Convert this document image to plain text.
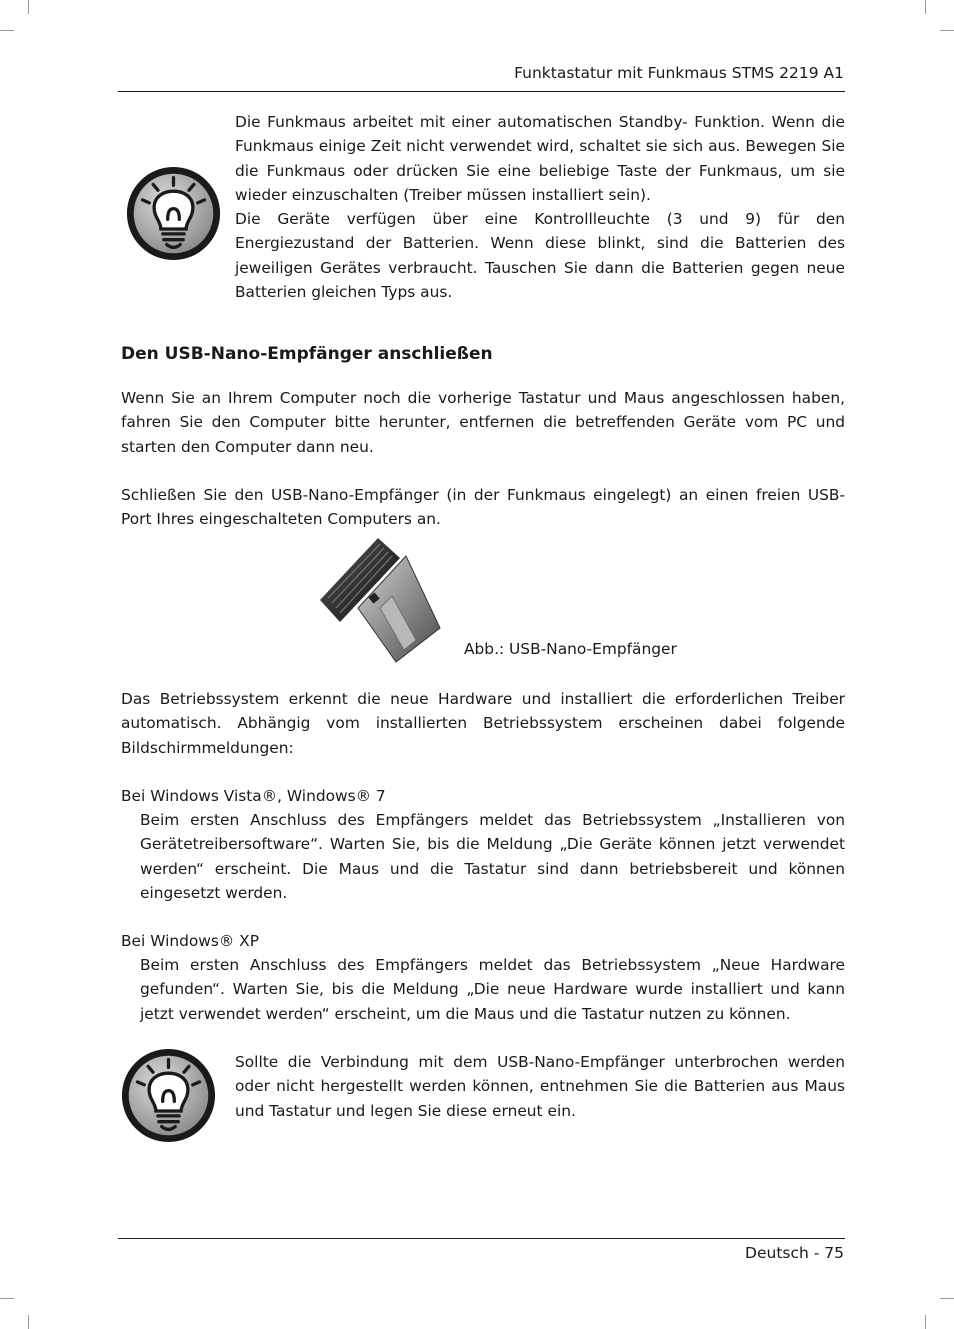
Funktastatur mit Funkmaus STMS 2219 A1
Die Funkmaus arbeitet mit einer automatischen Standby- Funktion. Wenn die Funkmaus einige Zeit nicht verwendet wird, schaltet sie sich aus. Bewegen Sie die Funkmaus oder drücken Sie eine beliebige Taste der Funkmaus, um sie wieder einzuschalten (Treiber müssen installiert sein).
Die Geräte verfügen über eine Kontrollleuchte (3 und 9) für den Energiezustand der Batterien. Wenn diese blinkt, sind die Batterien des jeweiligen Gerätes verbraucht. Tauschen Sie dann die Batterien gegen neue Batterien gleichen Typs aus.
Den USB-Nano-Empfänger anschließen
Wenn Sie an Ihrem Computer noch die vorherige Tastatur und Maus angeschlossen haben, fahren Sie den Computer bitte herunter, entfernen die betreffenden Geräte vom PC und starten den Computer dann neu.
Schließen Sie den USB-Nano-Empfänger (in der Funkmaus eingelegt) an einen freien USB-Port Ihres eingeschalteten Computers an.
Abb.: USB-Nano-Empfänger
Das Betriebssystem erkennt die neue Hardware und installiert die erforderlichen Treiber automatisch. Abhängig vom installierten Betriebssystem erscheinen dabei folgende Bildschirmmeldungen:
Bei Windows Vista®, Windows® 7
Beim ersten Anschluss des Empfängers meldet das Betriebssystem „Installieren von Gerätetreibersoftware“. Warten Sie, bis die Meldung „Die Geräte können jetzt verwendet werden“ erscheint. Die Maus und die Tastatur sind dann betriebsbereit und können eingesetzt werden.
Bei Windows® XP
Beim ersten Anschluss des Empfängers meldet das Betriebssystem „Neue Hardware gefunden“. Warten Sie, bis die Meldung „Die neue Hardware wurde installiert und kann jetzt verwendet werden“ erscheint, um die Maus und die Tastatur nutzen zu können.
Sollte die Verbindung mit dem USB-Nano-Empfänger unterbrochen werden oder nicht hergestellt werden können, entnehmen Sie die Batterien aus Maus und Tastatur und legen Sie diese erneut ein.
Deutsch - 75
